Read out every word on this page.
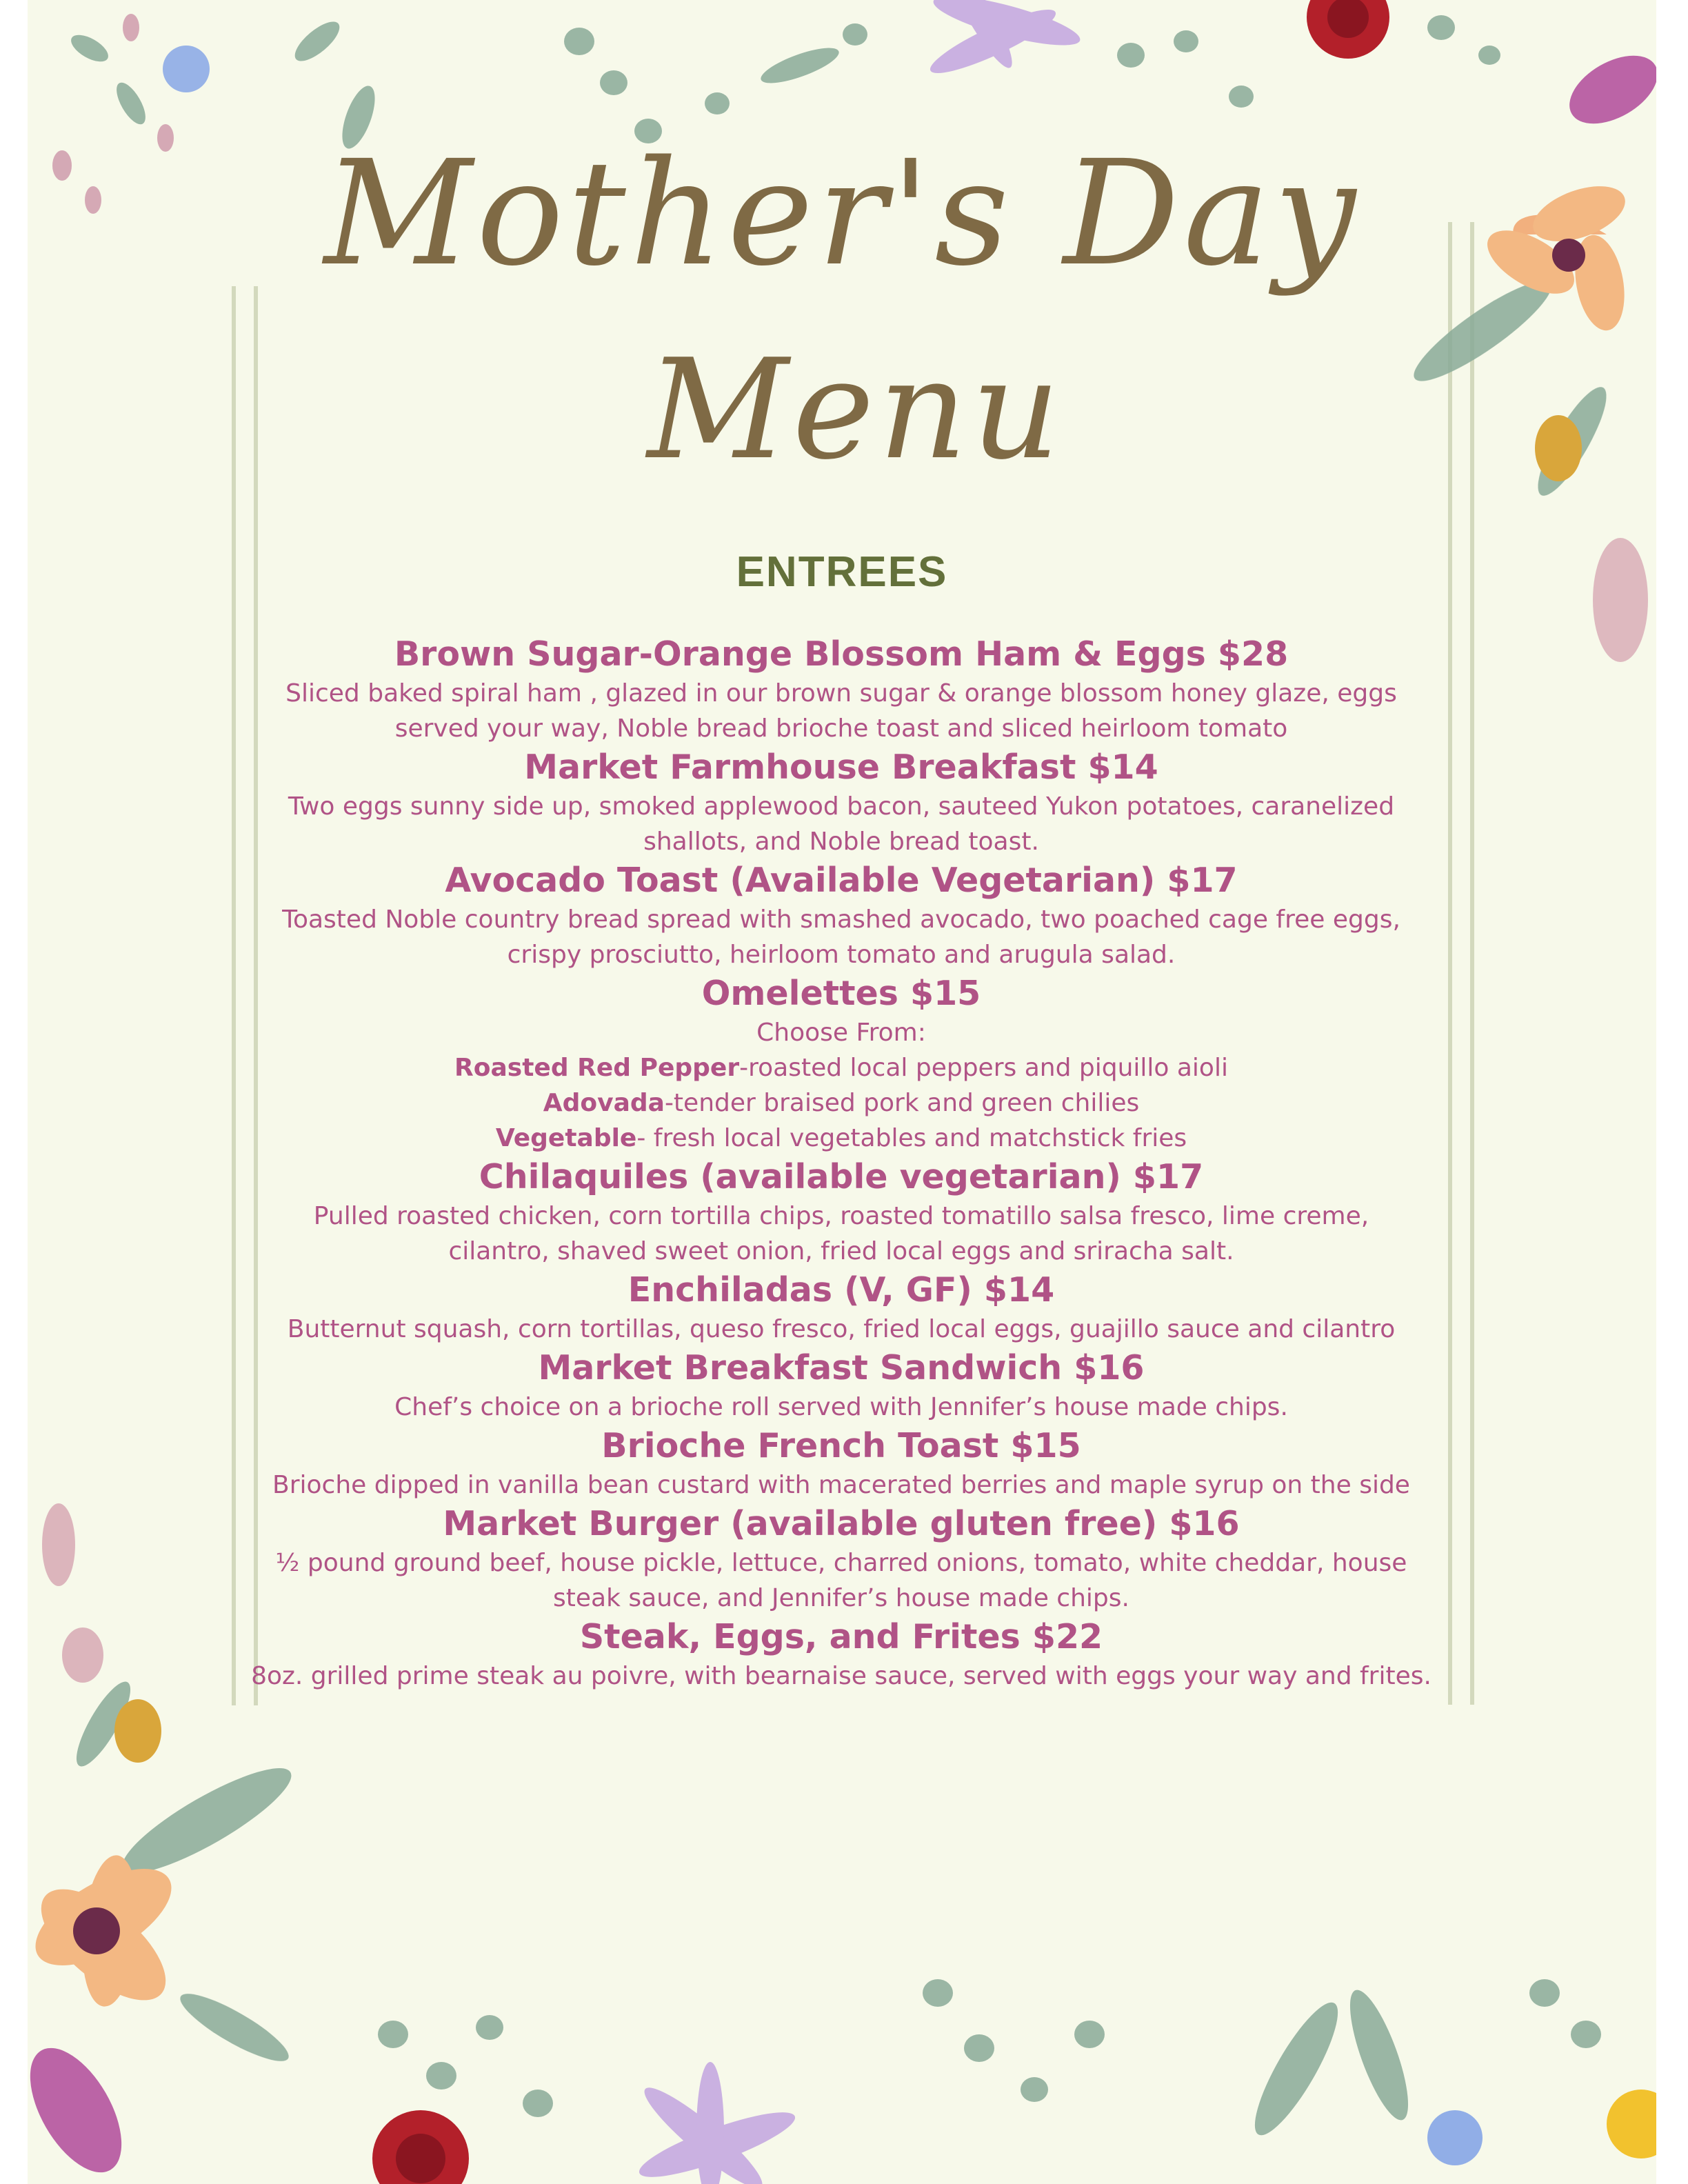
Mother's Day
Menu
ENTREES
Brown Sugar-Orange Blossom Ham & Eggs $28
Sliced baked spiral ham , glazed in our brown sugar & orange blossom honey glaze, eggs
served your way, Noble bread brioche toast and sliced heirloom tomato
Market Farmhouse Breakfast $14
Two eggs sunny side up, smoked applewood bacon, sauteed Yukon potatoes, caranelized
shallots, and Noble bread toast.
Avocado Toast (Available Vegetarian) $17
Toasted Noble country bread spread with smashed avocado, two poached cage free eggs,
crispy prosciutto, heirloom tomato and arugula salad.
Omelettes $15
Choose From:
Roasted Red Pepper-roasted local peppers and piquillo aioli
Adovada-tender braised pork and green chilies
Vegetable- fresh local vegetables and matchstick fries
Chilaquiles (available vegetarian) $17
Pulled roasted chicken, corn tortilla chips, roasted tomatillo salsa fresco, lime creme,
cilantro, shaved sweet onion, fried local eggs and sriracha salt.
Enchiladas (V, GF) $14
Butternut squash, corn tortillas, queso fresco, fried local eggs, guajillo sauce and cilantro
Market Breakfast Sandwich $16
Chef’s choice on a brioche roll served with Jennifer’s house made chips.
Brioche French Toast $15
Brioche dipped in vanilla bean custard with macerated berries and maple syrup on the side
Market Burger (available gluten free) $16
½ pound ground beef, house pickle, lettuce, charred onions, tomato, white cheddar, house
steak sauce, and Jennifer’s house made chips.
Steak, Eggs, and Frites $22
8oz. grilled prime steak au poivre, with bearnaise sauce, served with eggs your way and frites.
